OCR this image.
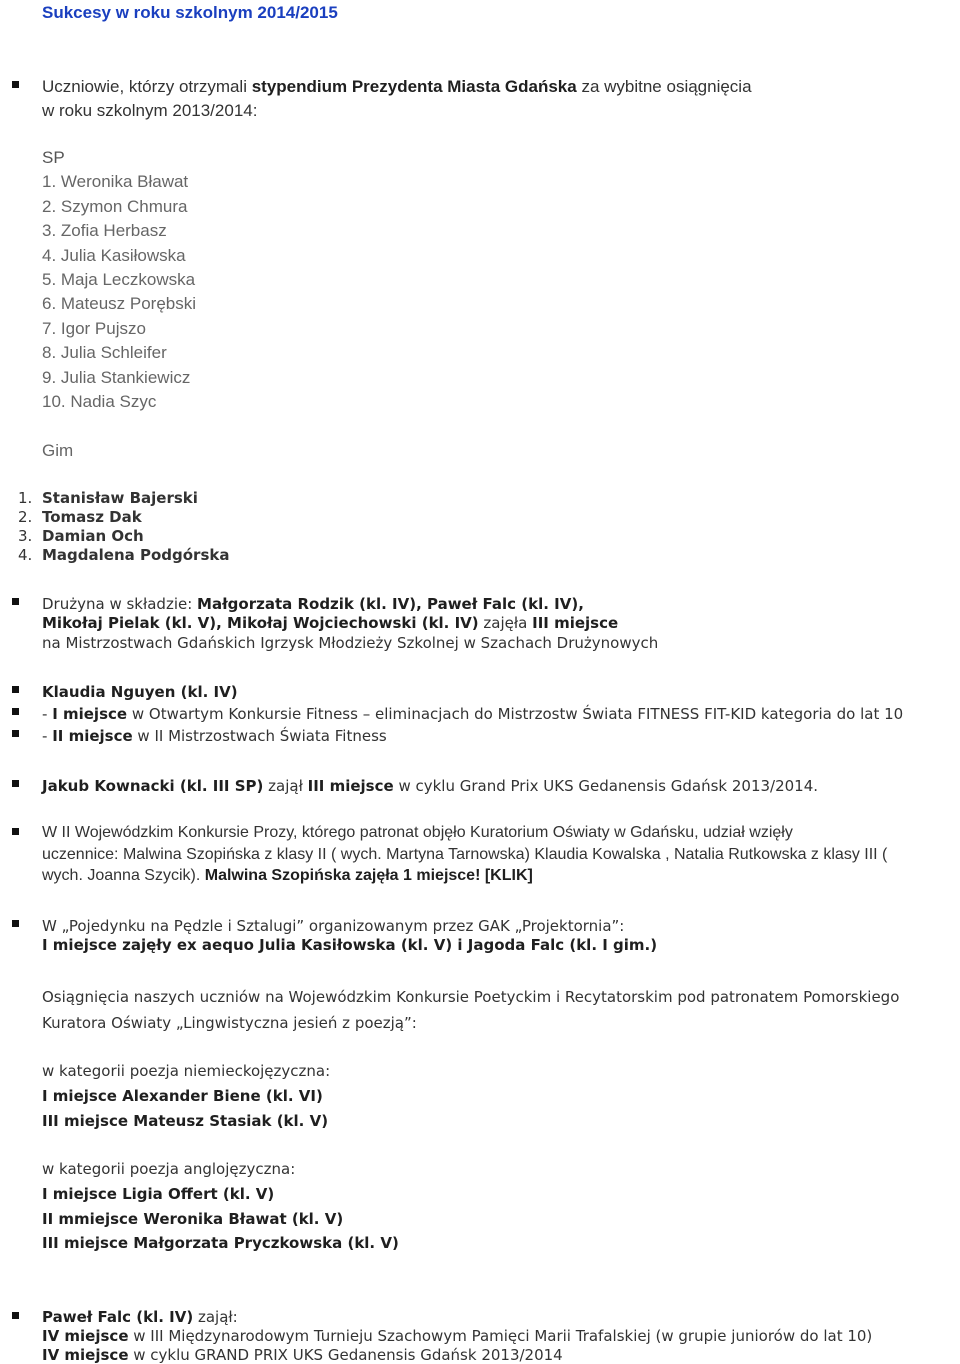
Sukcesy w roku szkolnym 2014/2015
Uczniowie, którzy otrzymali stypendium Prezydenta Miasta Gdańska za wybitne osiągnięcia
w roku szkolnym 2013/2014:
SP
1. Weronika Bławat
2. Szymon Chmura
3. Zofia Herbasz
4. Julia Kasiłowska
5. Maja Leczkowska
6. Mateusz Porębski
7. Igor Pujszo
8. Julia Schleifer
9. Julia Stankiewicz
10. Nadia Szyc
Gim
1. Stanisław Bajerski
2. Tomasz Dak
3. Damian Och
4. Magdalena Podgórska
Drużyna w składzie: Małgorzata Rodzik (kl. IV), Paweł Falc (kl. IV),
Mikołaj Pielak (kl. V), Mikołaj Wojciechowski (kl. IV) zajęła III miejsce
na Mistrzostwach Gdańskich Igrzysk Młodzieży Szkolnej w Szachach Drużynowych
Klaudia Nguyen (kl. IV)
- I miejsce w Otwartym Konkursie Fitness – eliminacjach do Mistrzostw Świata FITNESS FIT-KID kategoria do lat 10
- II miejsce w II Mistrzostwach Świata Fitness
Jakub Kownacki (kl. III SP) zajął III miejsce w cyklu Grand Prix UKS Gedanensis Gdańsk 2013/2014.
W II Wojewódzkim Konkursie Prozy, którego patronat objęło Kuratorium Oświaty w Gdańsku, udział wzięły
uczennice: Malwina Szopińska z klasy II ( wych. Martyna Tarnowska) Klaudia Kowalska , Natalia Rutkowska z klasy III (
wych. Joanna Szycik). Malwina Szopińska zajęła 1 miejsce! [KLIK]
W „Pojedynku na Pędzle i Sztalugi” organizowanym przez GAK „Projektornia”:
I miejsce zajęły ex aequo Julia Kasiłowska (kl. V) i Jagoda Falc (kl. I gim.)
Osiągnięcia naszych uczniów na Wojewódzkim Konkursie Poetyckim i Recytatorskim pod patronatem Pomorskiego
Kuratora Oświaty „Lingwistyczna jesień z poezją”:
w kategorii poezja niemieckojęzyczna:
I miejsce Alexander Biene (kl. VI)
III miejsce Mateusz Stasiak (kl. V)
w kategorii poezja anglojęzyczna:
I miejsce Ligia Offert (kl. V)
II mmiejsce Weronika Bławat (kl. V)
III miejsce Małgorzata Pryczkowska (kl. V)
Paweł Falc (kl. IV) zajął:
IV miejsce w III Międzynarodowym Turnieju Szachowym Pamięci Marii Trafalskiej (w grupie juniorów do lat 10)
IV miejsce w cyklu GRAND PRIX UKS Gedanensis Gdańsk 2013/2014
